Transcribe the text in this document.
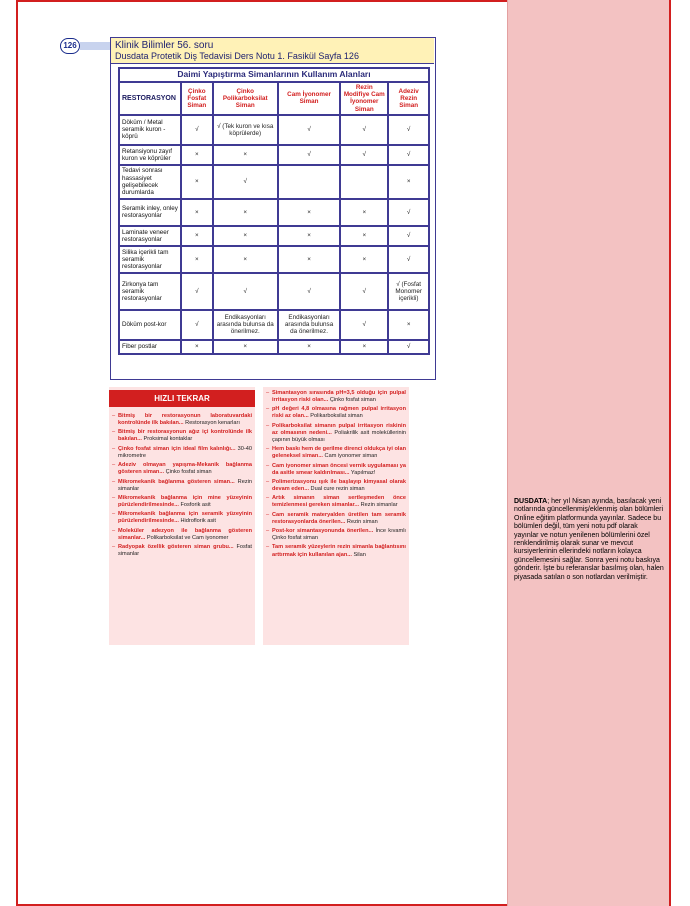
126	Klinik Bilimler 56. soru
Dusdata Protetik Diş Tedavisi Ders Notu 1. Fasikül Sayfa 126
Daimi Yapıştırma Simanlarının Kullanım Alanları					
RESTORASYON	Çinko Fosfat Siman	Çinko Polikarboksilat Siman	Cam İyonomer Siman	Rezin Modifiye Cam İyonomer Siman	Adeziv Rezin Siman
Döküm / Metal seramik kuron - köprü	√	√ (Tek kuron ve kısa köprülerde)	√	√	√
Retansiyonu zayıf kuron ve köprüler	×	×	√	√	√
Tedavi sonrası hassasiyet gelişebilecek durumlarda	×	√			×
Seramik inley, onley restorasyonlar	×	×	×	×	√
Laminate veneer restorasyonlar	×	×	×	×	√
Silika içerikli tam seramik restorasyonlar	×	×	×	×	√
Zirkonya tam seramik restorasyonlar	√	√	√	√	√ (Fosfat Monomer içerikli)
Döküm post-kor	√	Endikasyonları arasında bulunsa da önerilmez.	Endikasyonları arasında bulunsa da önerilmez.	√	×
Fiber postlar	×	×	×	×	√
HIZLI TEKRAR
– Bitmiş bir restorasyonun laboratuvardaki kontrolünde ilk bakılan... Restorasyon kenarları
– Bitmiş bir restorasyonun ağız içi kontrolünde ilk bakılan... Proksimal kontaklar
– Çinko fosfat siman için ideal film kalınlığı... 30-40 mikrometre
– Adeziv olmayan yapışma-Mekanik bağlanma gösteren siman... Çinko fosfat siman
– Mikromekanik bağlanma gösteren siman... Rezin simanlar
– Mikromekanik bağlanma için mine yüzeyinin pürüzlendirilmesinde... Fosforik asit
– Mikromekanik bağlanma için seramik yüzeyinin pürüzlendirilmesinde... Hidroflorik asit
– Moleküler adezyon ile bağlanma gösteren simanlar... Polikarboksilat ve Cam iyonomer
– Radyopak özellik gösteren siman grubu... Fosfat simanlar
– Simantasyon sırasında pH=3,5 olduğu için pulpal irritasyon riski olan... Çinko fosfat siman
– pH değeri 4,8 olmasına rağmen pulpal irritasyon riski az olan... Polikarboksilat siman
– Polikarboksilat simanın pulpal irritasyon riskinin az olmasının nedeni... Poliakrilik asit moleküllerinin çapının büyük olması
– Hem baskı hem de gerilme direnci oldukça iyi olan geleneksel siman... Cam iyonomer siman
– Cam iyonomer siman öncesi vernik uygulaması ya da asitle smear kaldırılması... Yapılmaz!
– Polimerizasyonu ışık ile başlayıp kimyasal olarak devam eden... Dual cure rezin siman
– Artık simanın siman sertleşmeden önce temizlenmesi gereken simanlar... Rezin simanlar
– Cam seramik materyalden üretilen tam seramik restorasyonlarda önerilen... Rezin siman
– Post-kor simantasyonunda önerilen... İnce kıvamlı Çinko fosfat siman
– Tam seramik yüzeylerin rezin simanla bağlantısını arttırmak için kullanılan ajan... Silan
DUSDATA; her yıl Nisan ayında, basılacak yeni notlarında güncellenmiş/eklenmiş olan bölümleri Online eğitim platformunda yayınlar. Sadece bu bölümleri değil, tüm yeni notu pdf olarak yayınlar ve notun yenilenen bölümlerini özel renklendirilmiş olarak sunar ve mevcut kursiyerlerinin ellerindeki notların kolayca güncellemesini sağlar. Sonra yeni notu baskıya gönderir. İşte bu referanslar basılmış olan, halen piyasada satılan o son notlardan verilmiştir.
